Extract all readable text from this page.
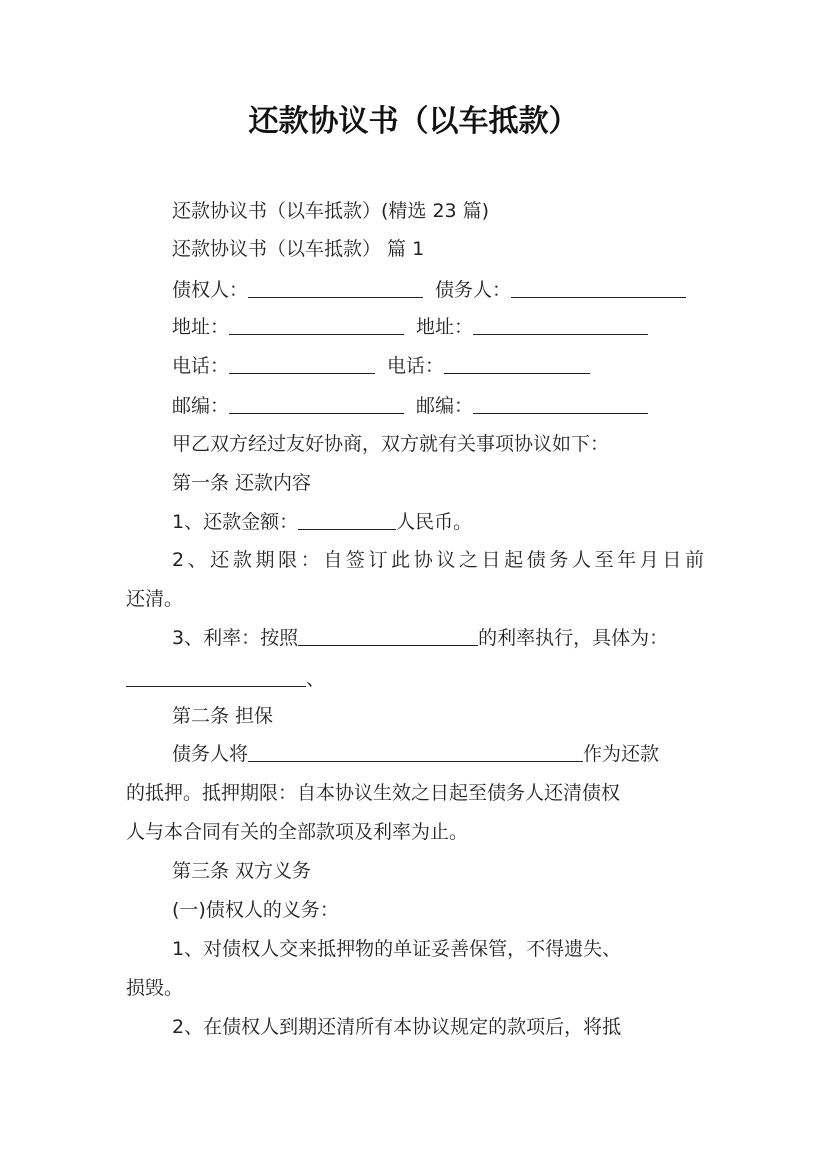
还款协议书（以车抵款）
还款协议书（以车抵款）(精选 23 篇)
还款协议书（以车抵款） 篇 1
债权人：	债务人：
地址：	地址：
电话：	电话：
邮编：	邮编：
甲乙双方经过友好协商，双方就有关事项协议如下：
第一条 还款内容
1、还款金额：	人民币。
2、还款期限：自签订此协议之日起债务人至年月日前
还清。
3、利率：按照	的利率执行，具体为：
、
第二条 担保
债务人将	作为还款
的抵押。抵押期限：自本协议生效之日起至债务人还清债权
人与本合同有关的全部款项及利率为止。
第三条 双方义务
(一)债权人的义务：
1、对债权人交来抵押物的单证妥善保管，不得遗失、
损毁。
2、在债权人到期还清所有本协议规定的款项后，将抵
